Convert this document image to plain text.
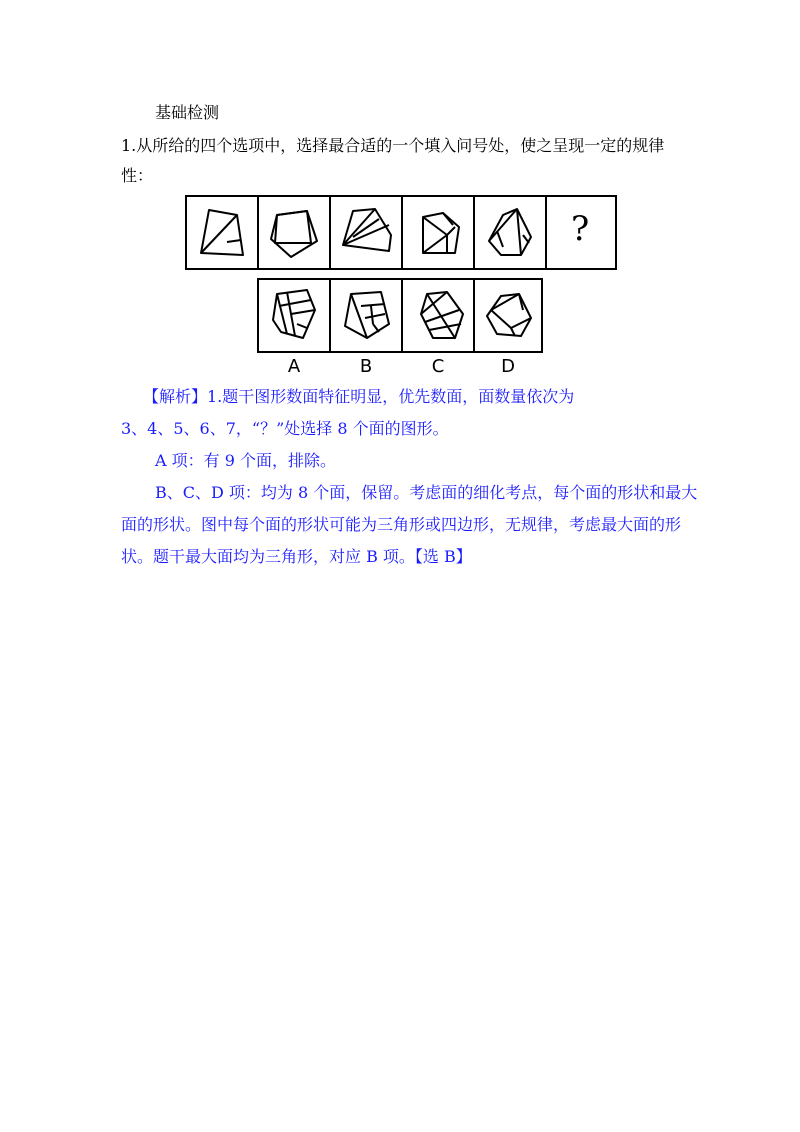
基础检测
1.从所给的四个选项中，选择最合适的一个填入问号处，使之呈现一定的规律
性：
?
A	B	C	D
【解析】1.题干图形数面特征明显，优先数面，面数量依次为
3、4、5、6、7，“？”处选择 8 个面的图形。
A 项：有 9 个面，排除。
B、C、D 项：均为 8 个面，保留。考虑面的细化考点，每个面的形状和最大
面的形状。图中每个面的形状可能为三角形或四边形，无规律，考虑最大面的形
状。题干最大面均为三角形，对应 B 项。【选 B】
